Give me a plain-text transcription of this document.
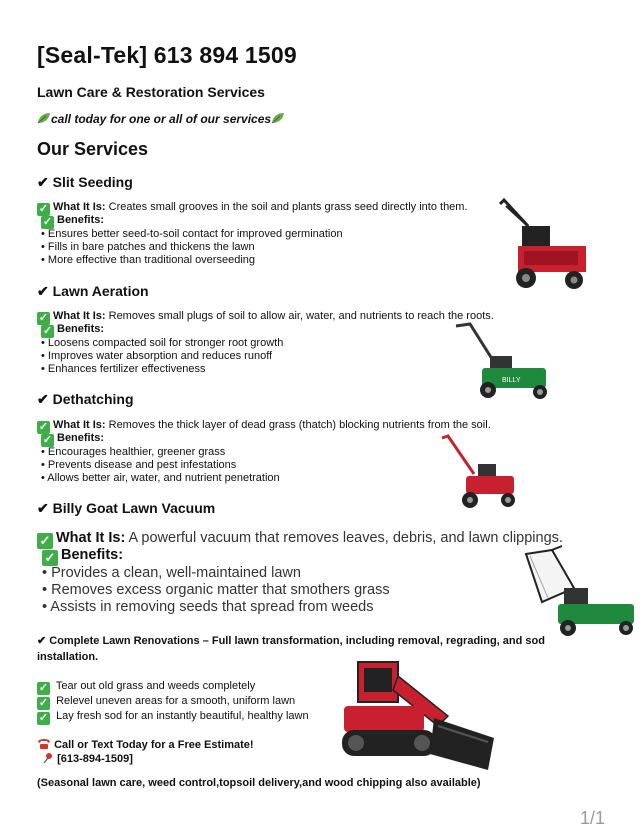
[Seal-Tek] 613 894 1509
Lawn Care & Restoration Services
call today for one or all of our services
Our Services
✔ Slit Seeding
✓ What It Is: Creates small grooves in the soil and plants grass seed directly into them.
✓ Benefits:
• Ensures better seed-to-soil contact for improved germination
• Fills in bare patches and thickens the lawn
• More effective than traditional overseeding
✔ Lawn Aeration
✓ What It Is: Removes small plugs of soil to allow air, water, and nutrients to reach the roots.
✓ Benefits:
• Loosens compacted soil for stronger root growth
• Improves water absorption and reduces runoff
• Enhances fertilizer effectiveness
✔ Dethatching
✓ What It Is: Removes the thick layer of dead grass (thatch) blocking nutrients from the soil.
✓ Benefits:
• Encourages healthier, greener grass
• Prevents disease and pest infestations
• Allows better air, water, and nutrient penetration
✔ Billy Goat Lawn Vacuum
✓ What It Is: A powerful vacuum that removes leaves, debris, and lawn clippings.
✓ Benefits:
• Provides a clean, well-maintained lawn
• Removes excess organic matter that smothers grass
• Assists in removing seeds that spread from weeds
✔ Complete Lawn Renovations – Full lawn transformation, including removal, regrading, and sod installation.
✓ Tear out old grass and weeds completely
✓ Relevel uneven areas for a smooth, uniform lawn
✓ Lay fresh sod for an instantly beautiful, healthy lawn
Call or Text Today for a Free Estimate!
[613-894-1509]
(Seasonal lawn care, weed control,topsoil delivery,and wood chipping also available)
1/1
BILLY
